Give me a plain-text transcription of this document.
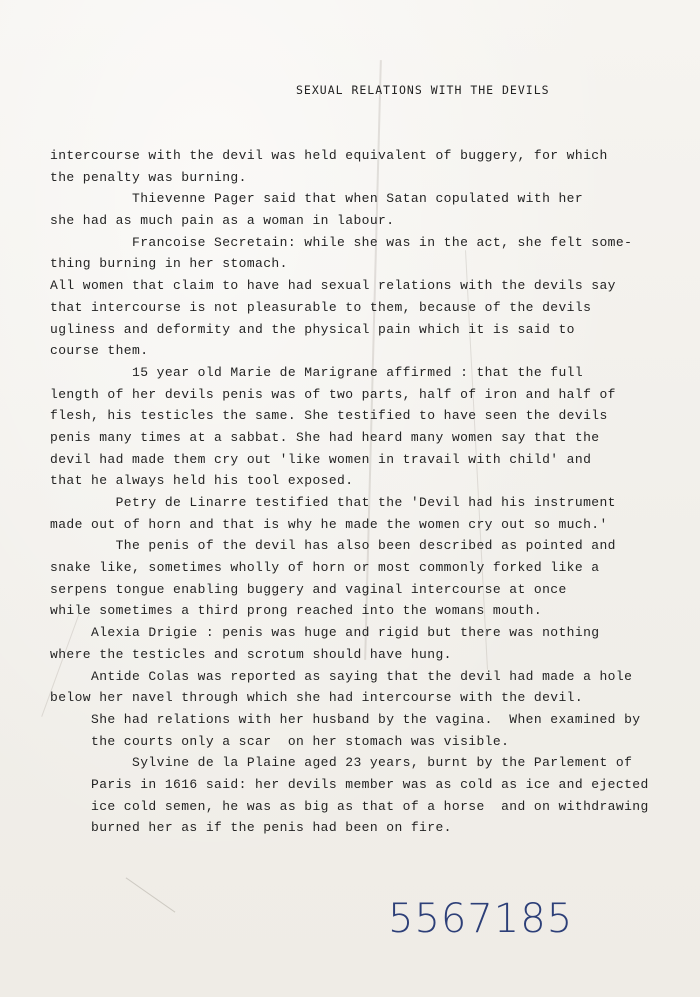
SEXUAL RELATIONS WITH THE DEVILS
intercourse with the devil was held equivalent of buggery, for which
the penalty was burning.
Thievenne Pager said that when Satan copulated with her
she had as much pain as a woman in labour.
Francoise Secretain: while she was in the act, she felt some-
thing burning in her stomach.
All women that claim to have had sexual relations with the devils say
that intercourse is not pleasurable to them, because of the devils
ugliness and deformity and the physical pain which it is said to
course them.
15 year old Marie de Marigrane affirmed : that the full
length of her devils penis was of two parts, half of iron and half of
flesh, his testicles the same. She testified to have seen the devils
penis many times at a sabbat. She had heard many women say that the
devil had made them cry out 'like women in travail with child' and
that he always held his tool exposed.
Petry de Linarre testified that the 'Devil had his instrument
made out of horn and that is why he made the women cry out so much.'
The penis of the devil has also been described as pointed and
snake like, sometimes wholly of horn or most commonly forked like a
serpens tongue enabling buggery and vaginal intercourse at once
while sometimes a third prong reached into the womans mouth.
Alexia Drigie : penis was huge and rigid but there was nothing
where the testicles and scrotum should have hung.
Antide Colas was reported as saying that the devil had made a hole
below her navel through which she had intercourse with the devil.
She had relations with her husband by the vagina.  When examined by
the courts only a scar  on her stomach was visible.
Sylvine de la Plaine aged 23 years, burnt by the Parlement of
Paris in 1616 said: her devils member was as cold as ice and ejected
ice cold semen, he was as big as that of a horse  and on withdrawing
burned her as if the penis had been on fire.
5567185
